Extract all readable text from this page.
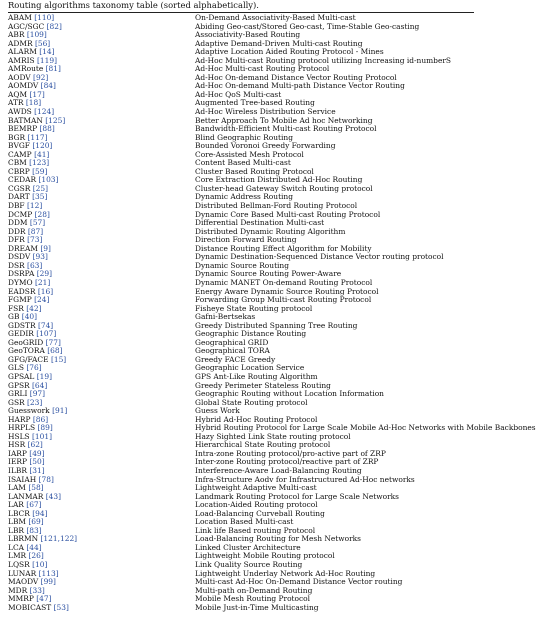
Routing algorithms taxonomy table (sorted alphabetically).
ABAM [110]	On-Demand Associativity-Based Multi-cast
AGC/SGC [82]	Abiding Geo-cast/Stored Geo-cast, Time-Stable Geo-casting
ABR [109]	Associativity-Based Routing
ADMR [56]	Adaptive Demand-Driven Multi-cast Routing
ALARM [14]	Adaptive Location Aided Routing Protocol - Mines
AMRIS [119]	Ad-Hoc Multi-cast Routing protocol utilizing Increasing id-numberS
AMRoute [81]	Ad-Hoc Multi-cast Routing Protocol
AODV [92]	Ad-Hoc On-demand Distance Vector Routing Protocol
AOMDV [84]	Ad-Hoc On-demand Multi-path Distance Vector Routing
AQM [17]	Ad-Hoc QoS Multi-cast
ATR [18]	Augmented Tree-based Routing
AWDS [124]	Ad-Hoc Wireless Distribution Service
BATMAN [125]	Better Approach To Mobile Ad hoc Networking
BEMRP [88]	Bandwidth-Efficient Multi-cast Routing Protocol
BGR [117]	Blind Geographic Routing
BVGF [120]	Bounded Voronoi Greedy Forwarding
CAMP [41]	Core-Assisted Mesh Protocol
CBM [123]	Content Based Multi-cast
CBRP [59]	Cluster Based Routing Protocol
CEDAR [103]	Core Extraction Distributed Ad-Hoc Routing
CGSR [25]	Cluster-head Gateway Switch Routing protocol
DART [35]	Dynamic Address Routing
DBF [12]	Distributed Bellman-Ford Routing Protocol
DCMP [28]	Dynamic Core Based Multi-cast Routing Protocol
DDM [57]	Differential Destination Multi-cast
DDR [87]	Distributed Dynamic Routing Algorithm
DFR [73]	Direction Forward Routing
DREAM [9]	Distance Routing Effect Algorithm for Mobility
DSDV [93]	Dynamic Destination-Sequenced Distance Vector routing protocol
DSR [63]	Dynamic Source Routing
DSRPA [29]	Dynamic Source Routing Power-Aware
DYMO [21]	Dynamic MANET On-demand Routing Protocol
EADSR [16]	Energy Aware Dynamic Source Routing Protocol
FGMP [24]	Forwarding Group Multi-cast Routing Protocol
FSR [42]	Fisheye State Routing protocol
GB [40]	Gafni-Bertsekas
GDSTR [74]	Greedy Distributed Spanning Tree Routing
GEDIR [107]	Geographic Distance Routing
GeoGRID [77]	Geographical GRID
GeoTORA [68]	Geographical TORA
GFG/FACE [15]	Greedy FACE Greedy
GLS [76]	Geographic Location Service
GPSAL [19]	GPS Ant-Like Routing Algorithm
GPSR [64]	Greedy Perimeter Stateless Routing
GRLI [97]	Geographic Routing without Location Information
GSR [23]	Global State Routing protocol
Guesswork [91]	Guess Work
HARP [86]	Hybrid Ad-Hoc Routing Protocol
HRPLS [89]	Hybrid Routing Protocol for Large Scale Mobile Ad-Hoc Networks with Mobile Backbones
HSLS [101]	Hazy Sighted Link State routing protocol
HSR [62]	Hierarchical State Routing protocol
IARP [49]	Intra-zone Routing protocol/pro-active part of ZRP
IERP [50]	Inter-zone Routing protocol/reactive part of ZRP
ILBR [31]	Interference-Aware Load-Balancing Routing
ISAIAH [78]	Infra-Structure Aodv for Infrastructured Ad-Hoc networks
LAM [58]	Lightweight Adaptive Multi-cast
LANMAR [43]	Landmark Routing Protocol for Large Scale Networks
LAR [67]	Location-Aided Routing protocol
LBCR [94]	Load-Balancing Curveball Routing
LBM [69]	Location Based Multi-cast
LBR [83]	Link life Based routing Protocol
LBRMN [121,122]	Load-Balancing Routing for Mesh Networks
LCA [44]	Linked Cluster Architecture
LMR [26]	Lightweight Mobile Routing protocol
LQSR [10]	Link Quality Source Routing
LUNAR [113]	Lightweight Underlay Network Ad-Hoc Routing
MAODV [99]	Multi-cast Ad-Hoc On-Demand Distance Vector routing
MDR [33]	Multi-path on-Demand Routing
MMRP [47]	Mobile Mesh Routing Protocol
MOBICAST [53]	Mobile Just-in-Time Multicasting
